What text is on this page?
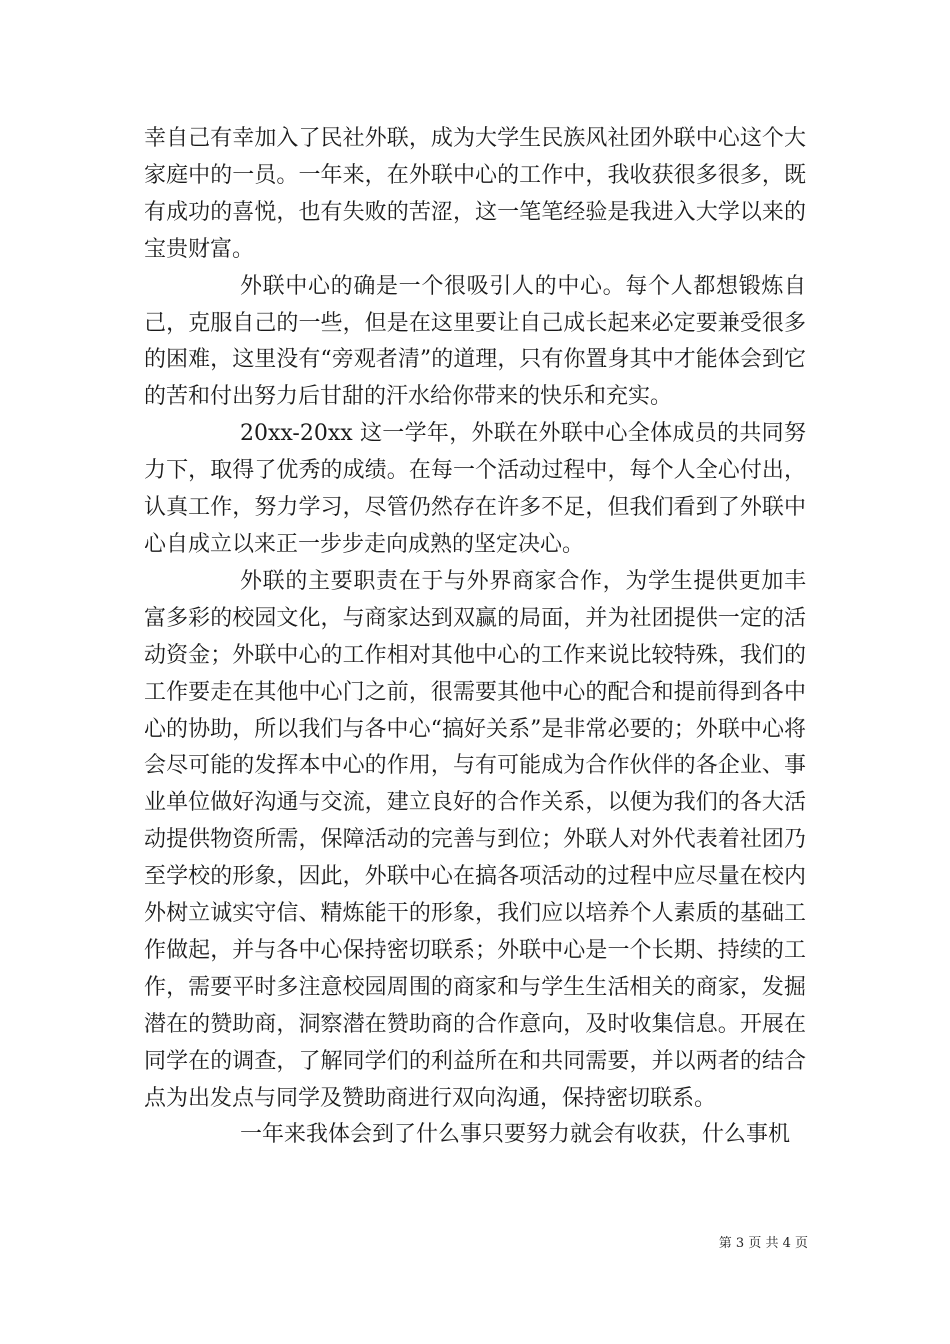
幸自己有幸加入了民社外联，成为大学生民族风社团外联中心这个大家庭中的一员。一年来，在外联中心的工作中，我收获很多很多，既有成功的喜悦，也有失败的苦涩，这一笔笔经验是我进入大学以来的宝贵财富。

外联中心的确是一个很吸引人的中心。每个人都想锻炼自己，克服自己的一些，但是在这里要让自己成长起来必定要兼受很多的困难，这里没有“旁观者清”的道理，只有你置身其中才能体会到它的苦和付出努力后甘甜的汗水给你带来的快乐和充实。

20xx-20xx 这一学年，外联在外联中心全体成员的共同努力下，取得了优秀的成绩。在每一个活动过程中，每个人全心付出，认真工作，努力学习，尽管仍然存在许多不足，但我们看到了外联中心自成立以来正一步步走向成熟的坚定决心。

外联的主要职责在于与外界商家合作，为学生提供更加丰富多彩的校园文化，与商家达到双赢的局面，并为社团提供一定的活动资金；外联中心的工作相对其他中心的工作来说比较特殊，我们的工作要走在其他中心门之前，很需要其他中心的配合和提前得到各中心的协助，所以我们与各中心“搞好关系”是非常必要的；外联中心将会尽可能的发挥本中心的作用，与有可能成为合作伙伴的各企业、事业单位做好沟通与交流，建立良好的合作关系，以便为我们的各大活动提供物资所需，保障活动的完善与到位；外联人对外代表着社团乃至学校的形象，因此，外联中心在搞各项活动的过程中应尽量在校内外树立诚实守信、精炼能干的形象，我们应以培养个人素质的基础工作做起，并与各中心保持密切联系；外联中心是一个长期、持续的工作，需要平时多注意校园周围的商家和与学生生活相关的商家，发掘潜在的赞助商，洞察潜在赞助商的合作意向，及时收集信息。开展在同学在的调查，了解同学们的利益所在和共同需要，并以两者的结合点为出发点与同学及赞助商进行双向沟通，保持密切联系。

一年来我体会到了什么事只要努力就会有收获，什么事机

第 3 页 共 4 页
